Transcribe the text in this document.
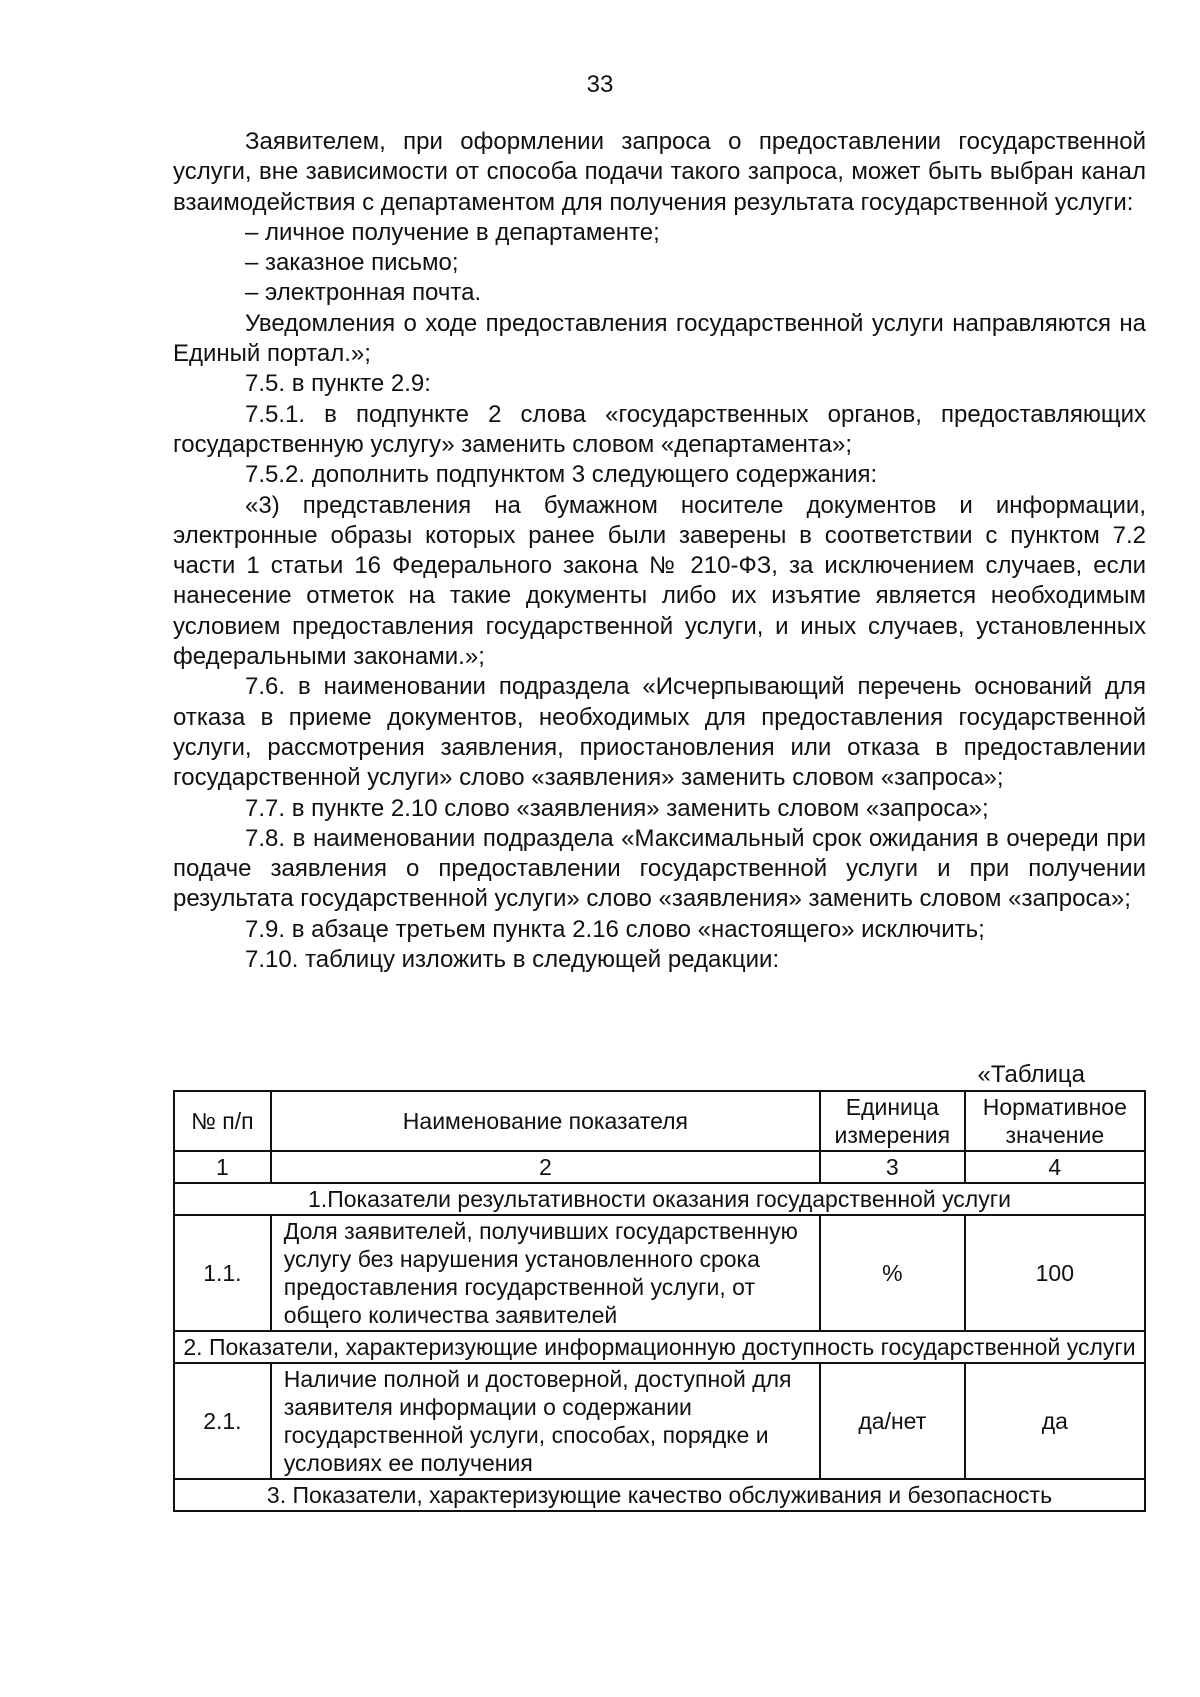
33

Заявителем, при оформлении запроса о предоставлении государственной услуги, вне зависимости от способа подачи такого запроса, может быть выбран канал взаимодействия с департаментом для получения результата государственной услуги:

– личное получение в департаменте;

– заказное письмо;

– электронная почта.

Уведомления о ходе предоставления государственной услуги направляются на Единый портал.»;

7.5. в пункте 2.9:

7.5.1. в подпункте 2 слова «государственных органов, предоставляющих государственную услугу» заменить словом «департамента»;

7.5.2. дополнить подпунктом 3 следующего содержания:

«3) представления на бумажном носителе документов и информации, электронные образы которых ранее были заверены в соответствии с пунктом 7.2 части 1 статьи 16 Федерального закона № 210-ФЗ, за исключением случаев, если нанесение отметок на такие документы либо их изъятие является необходимым условием предоставления государственной услуги, и иных случаев, установленных федеральными законами.»;

7.6. в наименовании подраздела «Исчерпывающий перечень оснований для отказа в приеме документов, необходимых для предоставления государственной услуги, рассмотрения заявления, приостановления или отказа в предоставлении государственной услуги» слово «заявления» заменить словом «запроса»;

7.7. в пункте 2.10 слово «заявления» заменить словом «запроса»;

7.8. в наименовании подраздела «Максимальный срок ожидания в очереди при подаче заявления о предоставлении государственной услуги и при получении результата государственной услуги» слово «заявления» заменить словом «запроса»;

7.9. в абзаце третьем пункта 2.16 слово «настоящего» исключить;

7.10. таблицу изложить в следующей редакции:

«Таблица
№ п/п	Наименование показателя	Единица измерения	Нормативное значение
1	2	3	4
1.Показатели результативности оказания государственной услуги			
1.1.	Доля заявителей, получивших государственную услугу без нарушения установленного срока предоставления государственной услуги, от общего количества заявителей	%	100
2. Показатели, характеризующие информационную доступность государственной услуги			
2.1.	Наличие полной и достоверной, доступной для заявителя информации о содержании государственной услуги, способах, порядке и условиях ее получения	да/нет	да
3. Показатели, характеризующие качество обслуживания и безопасность			
